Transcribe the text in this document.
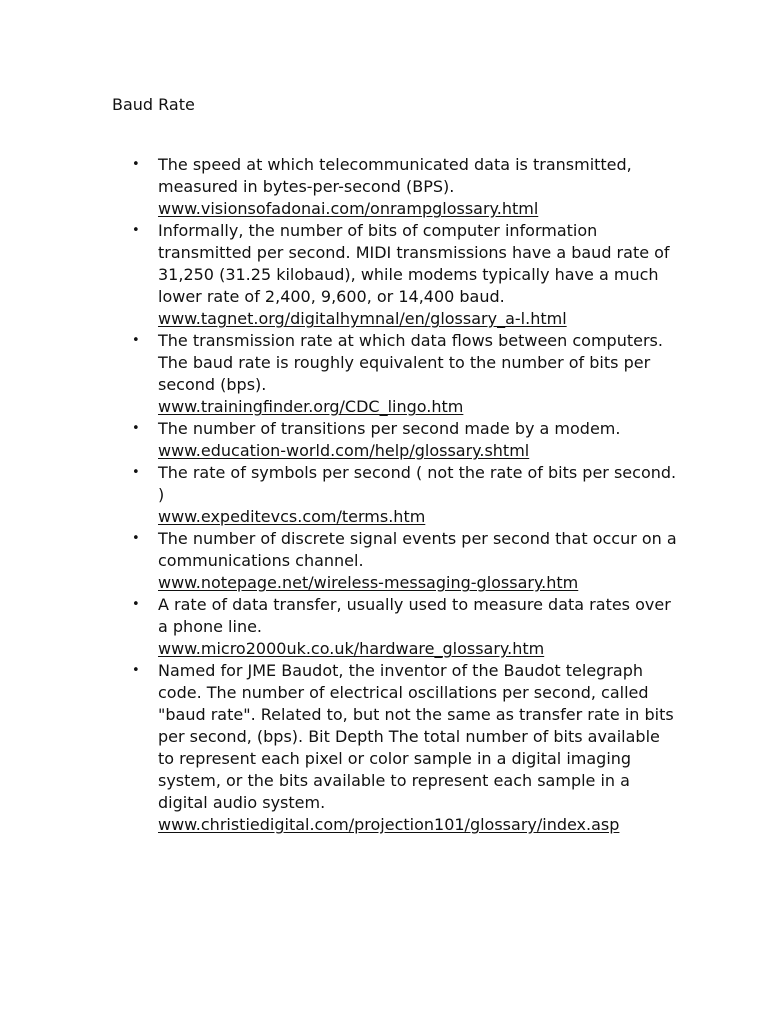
Baud Rate
• The speed at which telecommunicated data is transmitted, measured in bytes-per-second (BPS).
www.visionsofadonai.com/onrampglossary.html
• Informally, the number of bits of computer information transmitted per second. MIDI transmissions have a baud rate of 31,250 (31.25 kilobaud), while modems typically have a much lower rate of 2,400, 9,600, or 14,400 baud.
www.tagnet.org/digitalhymnal/en/glossary_a-l.html
• The transmission rate at which data flows between computers. The baud rate is roughly equivalent to the number of bits per second (bps).
www.trainingfinder.org/CDC_lingo.htm
• The number of transitions per second made by a modem.
www.education-world.com/help/glossary.shtml
• The rate of symbols per second ( not the rate of bits per second. )
www.expeditevcs.com/terms.htm
• The number of discrete signal events per second that occur on a communications channel.
www.notepage.net/wireless-messaging-glossary.htm
• A rate of data transfer, usually used to measure data rates over a phone line.
www.micro2000uk.co.uk/hardware_glossary.htm
• Named for JME Baudot, the inventor of the Baudot telegraph code. The number of electrical oscillations per second, called "baud rate". Related to, but not the same as transfer rate in bits per second, (bps). Bit Depth The total number of bits available to represent each pixel or color sample in a digital imaging system, or the bits available to represent each sample in a digital audio system.
www.christiedigital.com/projection101/glossary/index.asp
